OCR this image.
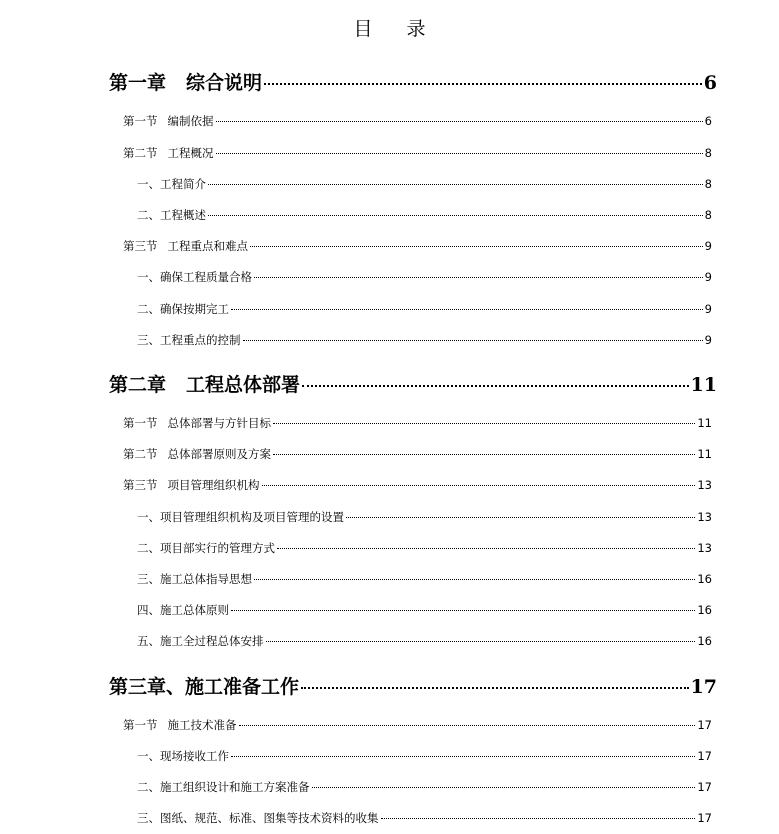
目 录
第一章 综合说明	6
第一节 编制依据	6
第二节 工程概况	8
一、工程简介	8
二、工程概述	8
第三节 工程重点和难点	9
一、确保工程质量合格	9
二、确保按期完工	9
三、工程重点的控制	9
第二章 工程总体部署	11
第一节 总体部署与方针目标	11
第二节 总体部署原则及方案	11
第三节 项目管理组织机构	13
一、项目管理组织机构及项目管理的设置	13
二、项目部实行的管理方式	13
三、施工总体指导思想	16
四、施工总体原则	16
五、施工全过程总体安排	16
第三章、施工准备工作	17
第一节 施工技术准备	17
一、现场接收工作	17
二、施工组织设计和施工方案准备	17
三、图纸、规范、标准、图集等技术资料的收集	17
